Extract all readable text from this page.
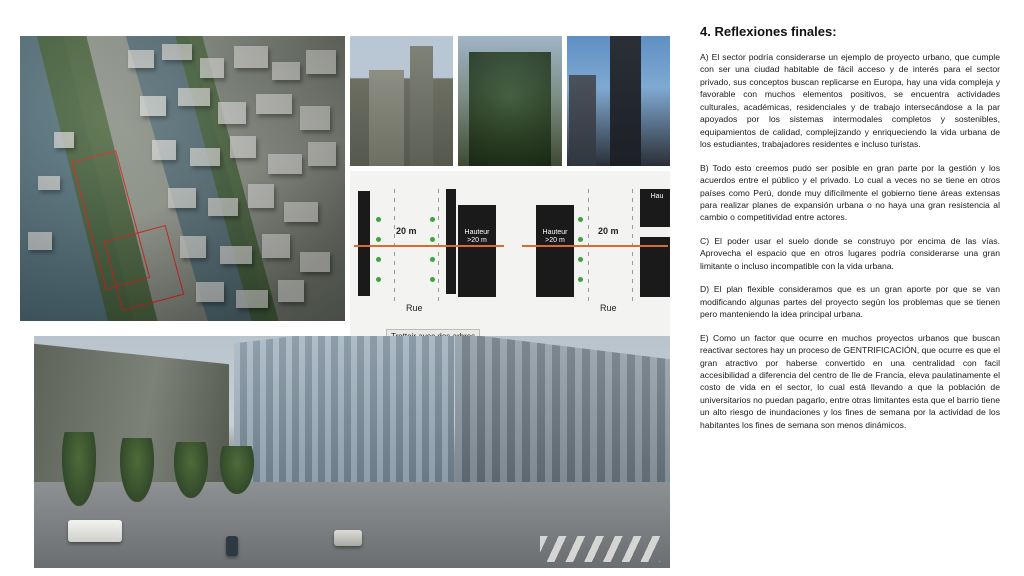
20 m	Hauteur >20 m
Rue
Hauteur >20 m
20 m
Hau
Rue
4. Reflexiones finales:

A) El sector podría considerarse un ejemplo de proyecto urbano, que cumple con ser una ciudad habitable de fácil acceso y de interés para el sector privado, sus conceptos buscan replicarse en Europa, hay una vida compleja y favorable con muchos elementos positivos, se encuentra actividades culturales, académicas, residenciales y de trabajo intersecándose a la par apoyados por los sistemas intermodales completos y sostenibles, equipamientos de calidad, complejizando y enriqueciendo la vida urbana de los estudiantes, trabajadores residentes e incluso turistas.

B) Todo esto creemos pudo ser posible en gran parte por la gestión y los acuerdos entre el público y el privado. Lo cual a veces no se tiene en otros países como Perú, donde muy difícilmente el gobierno tiene áreas extensas para realizar planes de expansión urbana o no haya una gran resistencia al cambio o competitividad entre actores.

C) El poder usar el suelo donde se construyo por encima de las vías. Aprovecha el espacio que en otros lugares podría considerarse una gran limitante o incluso incompatible con la vida urbana.

D) El plan flexible consideramos que es un gran aporte por que se van modificando algunas partes del proyecto según los problemas que se tienen pero manteniendo la idea principal urbana.

E) Como un factor que ocurre en muchos proyectos urbanos que buscan reactivar sectores hay un proceso de GENTRIFICACIÓN, que ocurre es que el gran atractivo por haberse convertido en una centralidad con facil accesibilidad a diferencia del centro de Ile de Francia, eleva paulatinamente el costo de vida en el sector, lo cual está llevando a que la población de universitarios no puedan pagarlo, entre otras limitantes esta que el barrio tiene un alto riesgo de inundaciones y los fines de semana por la actividad de los habitantes los fines de semana son menos dinámicos.
